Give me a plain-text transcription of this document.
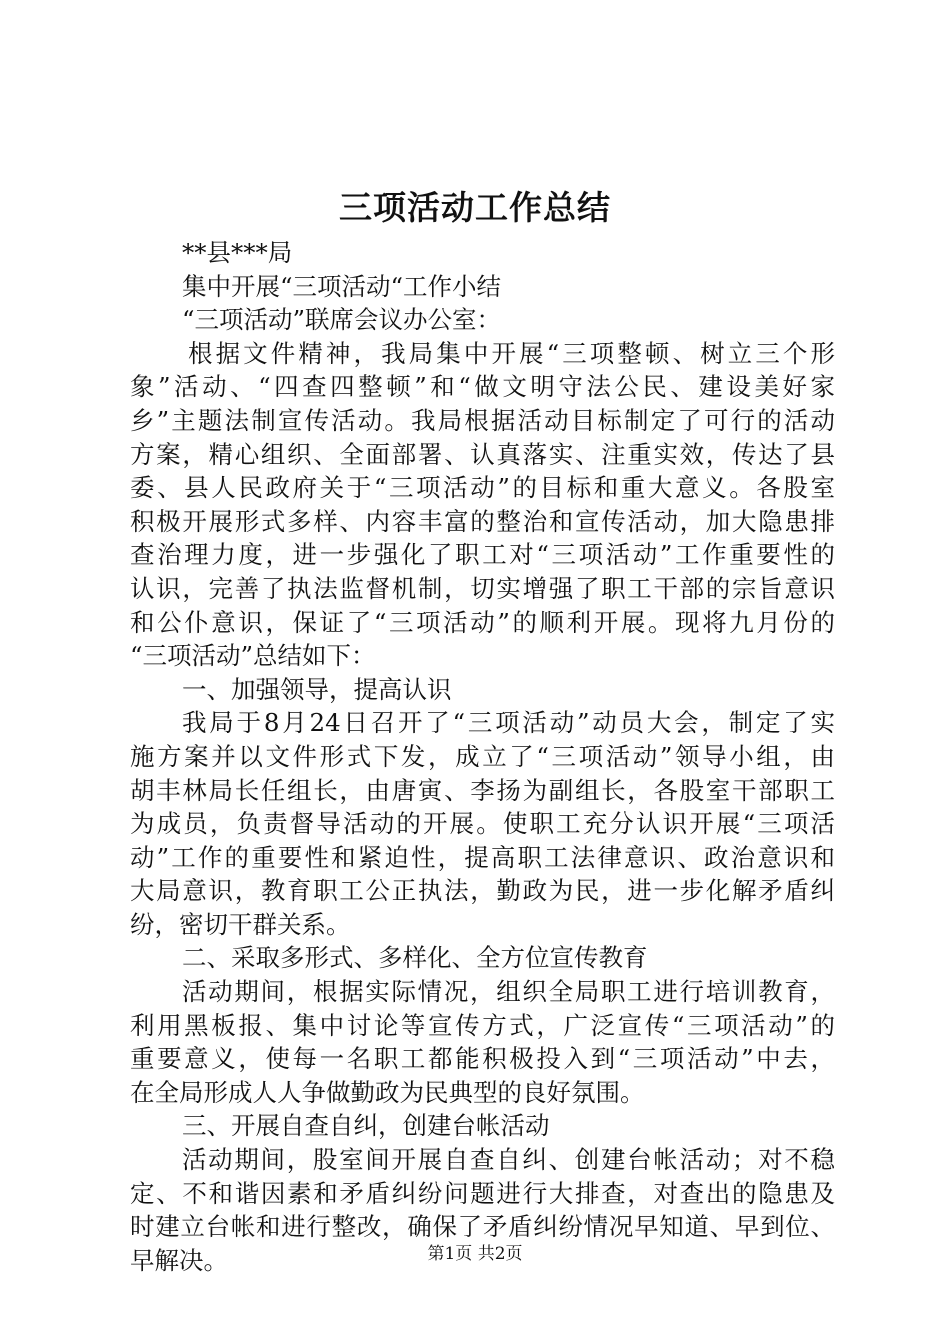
三项活动工作总结
**县***局
集中开展“三项活动“工作小结
“三项活动”联席会议办公室：
根据文件精神，我局集中开展“三项整顿、树立三个形
象”活动、“四查四整顿”和“做文明守法公民、建设美好家
乡”主题法制宣传活动。我局根据活动目标制定了可行的活动
方案，精心组织、全面部署、认真落实、注重实效，传达了县
委、县人民政府关于“三项活动”的目标和重大意义。各股室
积极开展形式多样、内容丰富的整治和宣传活动，加大隐患排
查治理力度，进一步强化了职工对“三项活动”工作重要性的
认识，完善了执法监督机制，切实增强了职工干部的宗旨意识
和公仆意识，保证了“三项活动”的顺利开展。现将九月份的
“三项活动”总结如下：
一、加强领导，提高认识
我局于8月24日召开了“三项活动”动员大会，制定了实
施方案并以文件形式下发，成立了“三项活动”领导小组，由
胡丰林局长任组长，由唐寅、李扬为副组长，各股室干部职工
为成员，负责督导活动的开展。使职工充分认识开展“三项活
动”工作的重要性和紧迫性，提高职工法律意识、政治意识和
大局意识，教育职工公正执法，勤政为民，进一步化解矛盾纠
纷，密切干群关系。
二、采取多形式、多样化、全方位宣传教育
活动期间，根据实际情况，组织全局职工进行培训教育，
利用黑板报、集中讨论等宣传方式，广泛宣传“三项活动”的
重要意义，使每一名职工都能积极投入到“三项活动”中去，
在全局形成人人争做勤政为民典型的良好氛围。
三、开展自查自纠，创建台帐活动
活动期间，股室间开展自查自纠、创建台帐活动；对不稳
定、不和谐因素和矛盾纠纷问题进行大排查，对查出的隐患及
时建立台帐和进行整改，确保了矛盾纠纷情况早知道、早到位、
早解决。	第1页 共2页
